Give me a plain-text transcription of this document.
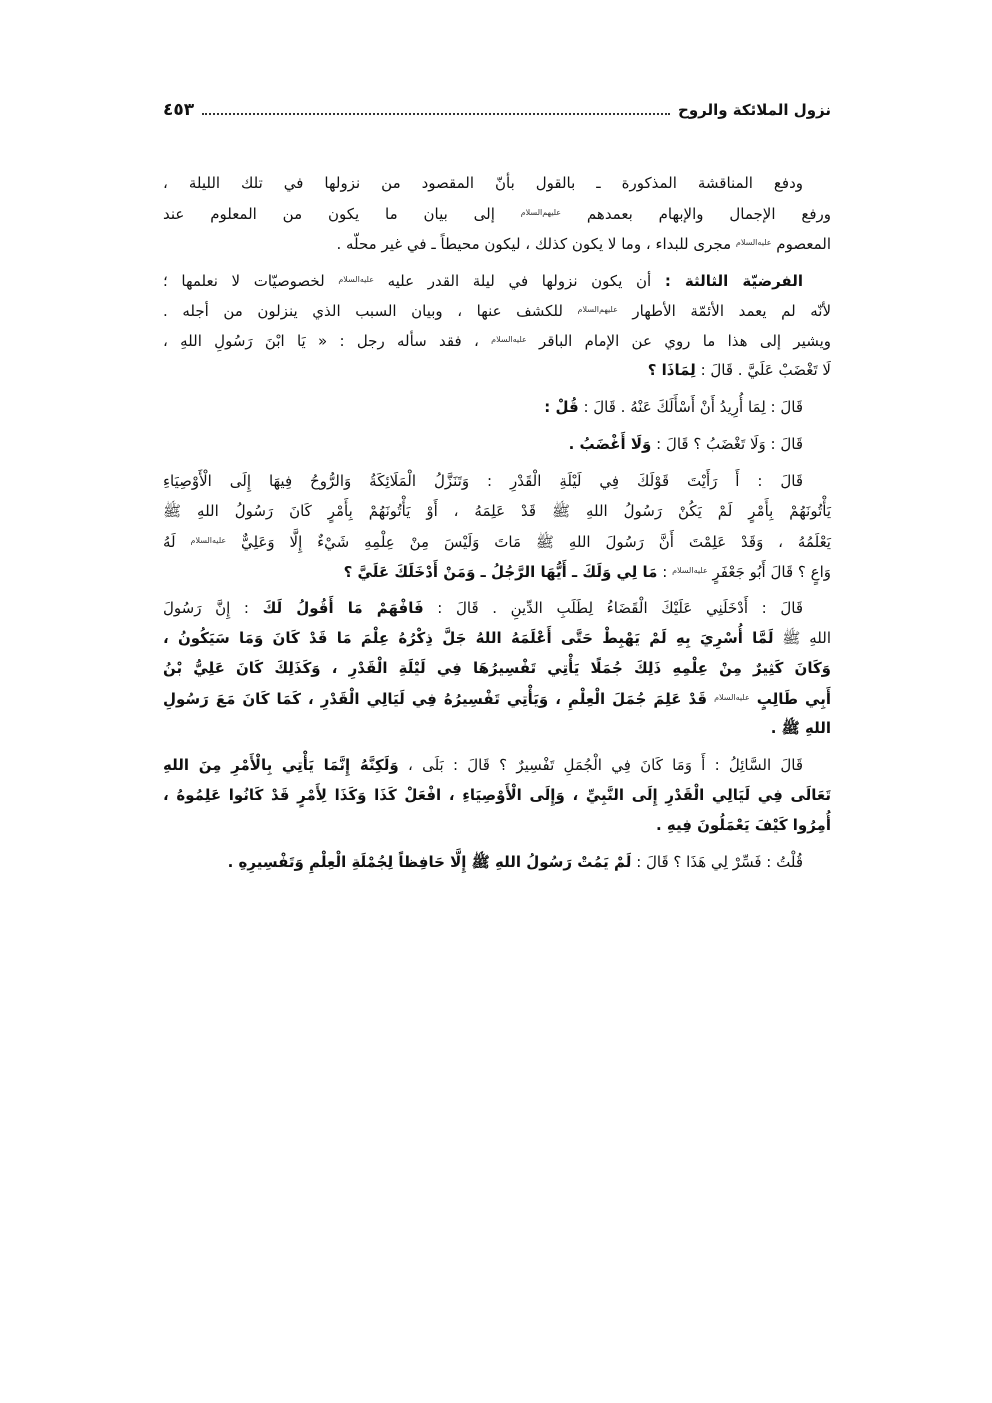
نزول الملائكة والروح
٤٥٣
ودفع المناقشة المذكورة ـ بالقول بأنّ المقصود من نزولها في تلك الليلة ،
ورفع الإجمال والإبهام بعمدهم $^{عليهم‌السلام}$ إلى بيان ما يكون من المعلوم عند
المعصوم $^{عليه‌السلام}$ مجرى للبداء ، وما لا يكون كذلك ، ليكون محيطاً ـ في غير محلّه .
الفرضيّة الثالثة : أن يكون نزولها في ليلة القدر عليه $^{عليه‌السلام}$ لخصوصيّات لا نعلمها ؛
لأنّه لم يعمد الأئمّة الأطهار $^{عليهم‌السلام}$ للكشف عنها ، وبيان السبب الذي ينزلون من أجله .
ويشير إلى هذا ما روي عن الإمام الباقر $^{عليه‌السلام}$ ، فقد سأله رجل : « يَا ابْنَ رَسُولِ اللهِ ،
لَا تَغْضَبْ عَلَيَّ . قَالَ : لِمَاذَا ؟
قَالَ : لِمَا أُرِيدُ أَنْ أَسْأَلَكَ عَنْهُ . قَالَ : قُلْ :
قَالَ : وَلَا تَغْضَبُ ؟ قَالَ : وَلَا أَغْضَبُ .
قَالَ : أَ رَأَيْتَ قَوْلَكَ فِي لَيْلَةِ الْقَدْرِ : وَتَنَزَّلُ الْمَلَائِكَةُ وَالرُّوحُ فِيهَا إِلَى الْأَوْصِيَاءِ
يَأْتُونَهُمْ بِأَمْرٍ لَمْ يَكُنْ رَسُولُ اللهِ ﷺ قَدْ عَلِمَهُ ، أَوْ يَأْتُونَهُمْ بِأَمْرٍ كَانَ رَسُولُ اللهِ ﷺ
يَعْلَمُهُ ، وَقَدْ عَلِمْتَ أَنَّ رَسُولَ اللهِ ﷺ مَاتَ وَلَيْسَ مِنْ عِلْمِهِ شَيْءٌ إِلَّا وَعَلِيٌّ $^{عليه‌السلام}$ لَهُ
وَاعٍ ؟ قَالَ أَبُو جَعْفَرٍ $^{عليه‌السلام}$ : مَا لِي وَلَكَ ـ أَيُّهَا الرَّجُلُ ـ وَمَنْ أَدْخَلَكَ عَلَيَّ ؟
قَالَ : أَدْخَلَنِي عَلَيْكَ الْقَضَاءُ لِطَلَبِ الدِّينِ . قَالَ : فَافْهَمْ مَا أَقُولُ لَكَ : إِنَّ رَسُولَ
اللهِ ﷺ لَمَّا أُسْرِيَ بِهِ لَمْ يَهْبِطْ حَتَّى أَعْلَمَهُ اللهُ جَلَّ ذِكْرُهُ عِلْمَ مَا قَدْ كَانَ وَمَا سَيَكُونُ ،
وَكَانَ كَثِيرٌ مِنْ عِلْمِهِ ذَلِكَ جُمَلًا يَأْتِي تَفْسِيرُهَا فِي لَيْلَةِ الْقَدْرِ ، وَكَذَلِكَ كَانَ عَلِيُّ بْنُ
أَبِي طَالِبٍ $^{عليه‌السلام}$ قَدْ عَلِمَ جُمَلَ الْعِلْمِ ، وَيَأْتِي تَفْسِيرُهُ فِي لَيَالِي الْقَدْرِ ، كَمَا كَانَ مَعَ رَسُولِ
اللهِ ﷺ .
قَالَ السَّائِلُ : أَ وَمَا كَانَ فِي الْجُمَلِ تَفْسِيرٌ ؟ قَالَ : بَلَى ، وَلَكِنَّهُ إِنَّمَا يَأْتِي بِالْأَمْرِ مِنَ اللهِ
تَعَالَى فِي لَيَالِي الْقَدْرِ إِلَى النَّبِيِّ ، وَإِلَى الْأَوْصِيَاءِ ، افْعَلْ كَذَا وَكَذَا لِأَمْرٍ قَدْ كَانُوا عَلِمُوهُ ،
أُمِرُوا كَيْفَ يَعْمَلُونَ فِيهِ .
قُلْتُ : فَسِّرْ لِي هَذَا ؟ قَالَ : لَمْ يَمُتْ رَسُولُ اللهِ ﷺ إِلَّا حَافِظاً لِجُمْلَةِ الْعِلْمِ وَتَفْسِيرِهِ .
